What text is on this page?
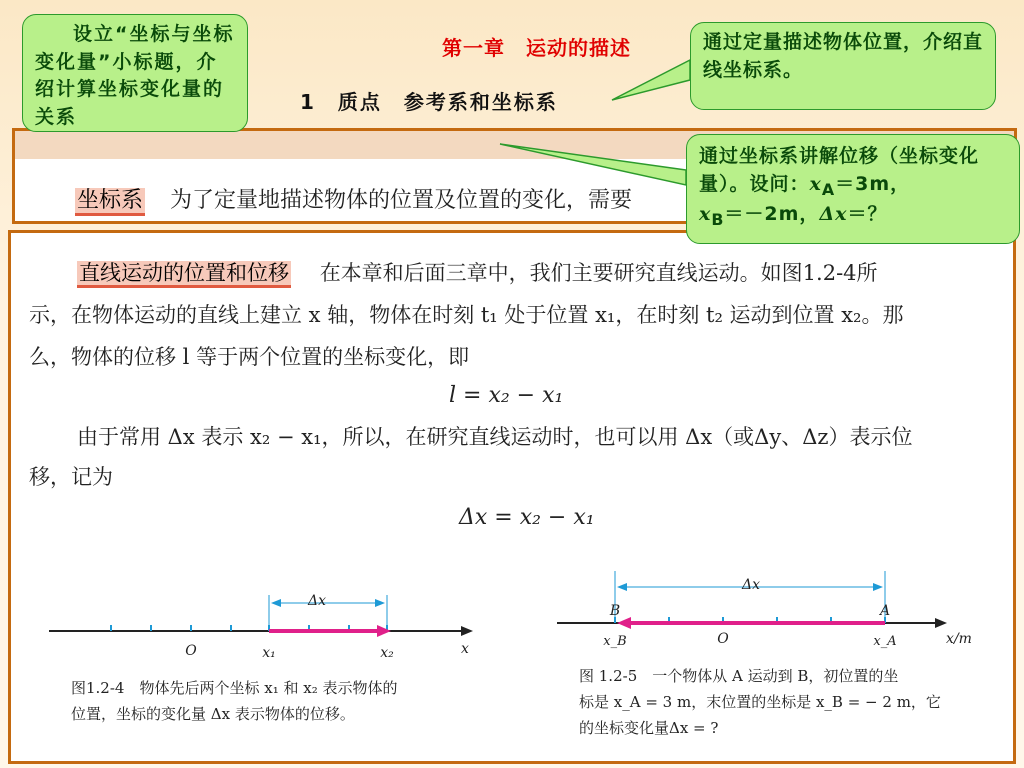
第一章　运动的描述
1　质点　参考系和坐标系
坐标系 为了定量地描述物体的位置及位置的变化，需要
直线运动的位置和位移 在本章和后面三章中，我们主要研究直线运动。如图1.2-4所
示，在物体运动的直线上建立 x 轴，物体在时刻 t₁ 处于位置 x₁，在时刻 t₂ 运动到位置 x₂。那
么，物体的位移 l 等于两个位置的坐标变化，即
l = x₂ − x₁
由于常用 Δx 表示 x₂ − x₁，所以，在研究直线运动时，也可以用 Δx（或Δy、Δz）表示位
移，记为
Δx = x₂ − x₁
Δx
O	x₁	x₂	x
图1.2-4　物体先后两个坐标 x₁ 和 x₂ 表示物体的
位置，坐标的变化量 Δx 表示物体的位移。
Δx
B	A
x_B	O	x_A	x/m
图 1.2-5　一个物体从 A 运动到 B，初位置的坐
标是 x_A = 3 m，末位置的坐标是 x_B = − 2 m，它
的坐标变化量Δx = ?
设立“坐标与坐标变化量”小标题，介绍计算坐标变化量的关系
通过定量描述物体位置，介绍直线坐标系。
通过坐标系讲解位移（坐标变化量）。设问：$x_A=3m$，
$x_B=-2m$，Δx＝？
